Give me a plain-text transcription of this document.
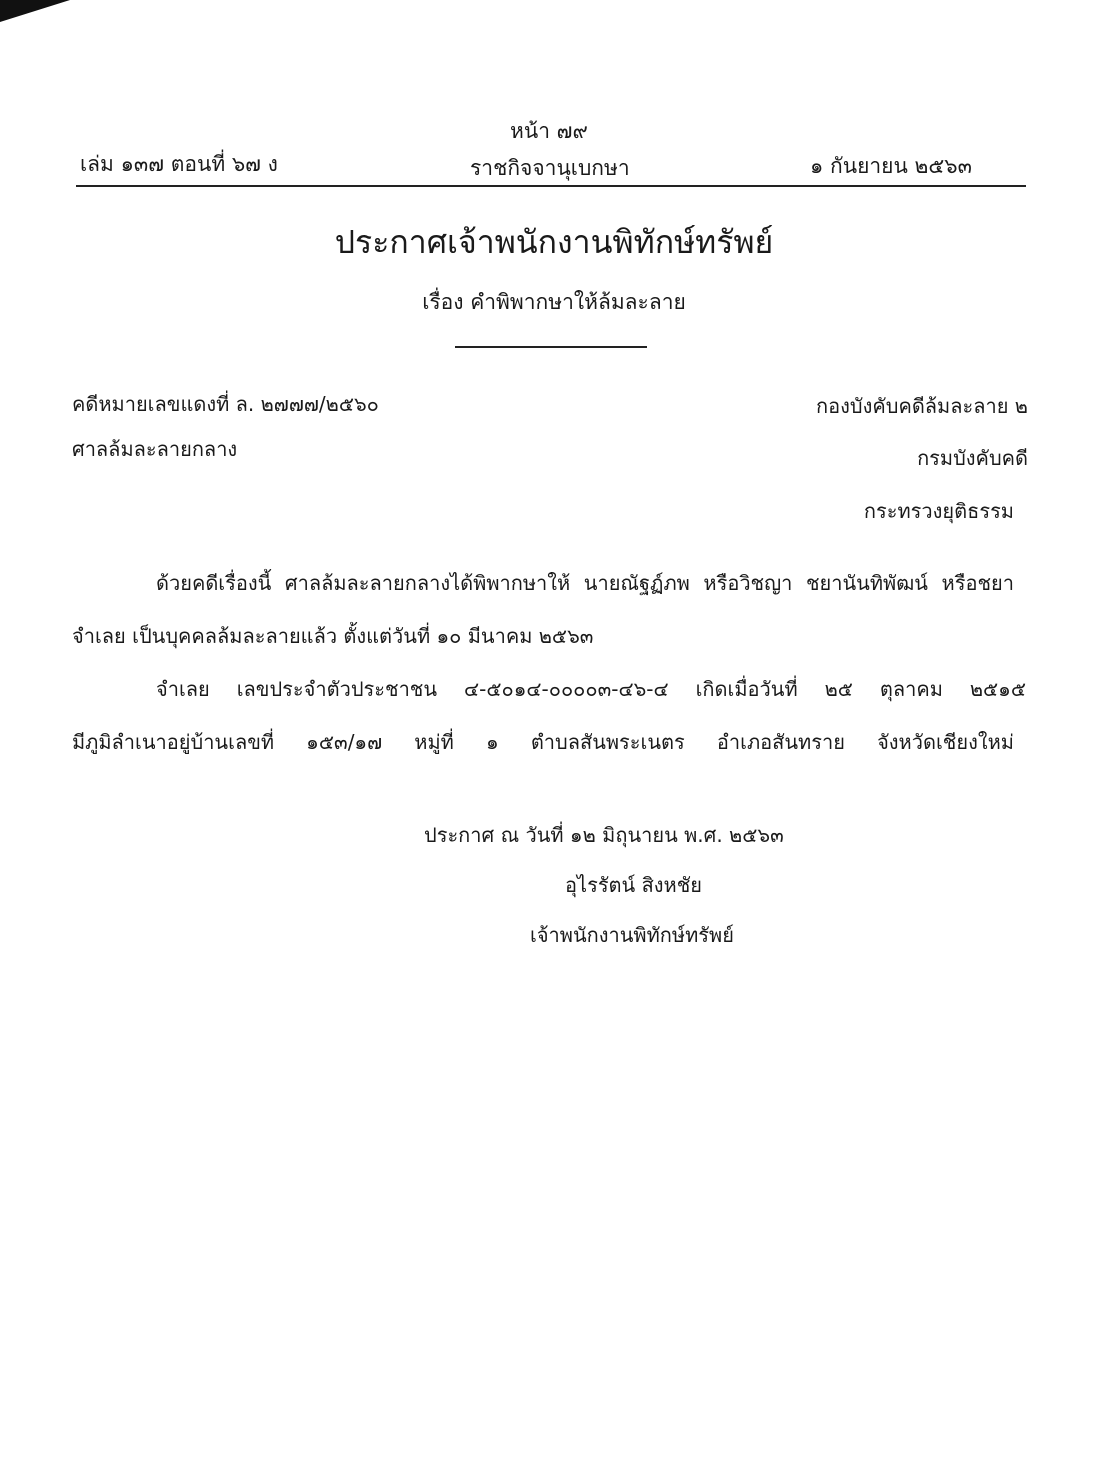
หน้า ๗๙
เล่ม ๑๓๗ ตอนที่ ๖๗ ง	ราชกิจจานุเบกษา	๑ กันยายน ๒๕๖๓
ประกาศเจ้าพนักงานพิทักษ์ทรัพย์
เรื่อง คำพิพากษาให้ล้มละลาย
คดีหมายเลขแดงที่ ล. ๒๗๗๗/๒๕๖๐	กองบังคับคดีล้มละลาย ๒
ศาลล้มละลายกลาง	กรมบังคับคดี
กระทรวงยุติธรรม
ด้วยคดีเรื่องนี้ ศาลล้มละลายกลางได้พิพากษาให้ นายณัฐฏ์ภพ หรือวิชญา ชยานันทิพัฒน์ หรือชยา
จำเลย เป็นบุคคลล้มละลายแล้ว ตั้งแต่วันที่ ๑๐ มีนาคม ๒๕๖๓
จำเลย เลขประจำตัวประชาชน ๔-๕๐๑๔-๐๐๐๐๓-๔๖-๔ เกิดเมื่อวันที่ ๒๕ ตุลาคม ๒๕๑๕
มีภูมิลำเนาอยู่บ้านเลขที่ ๑๕๓/๑๗ หมู่ที่ ๑ ตำบลสันพระเนตร อำเภอสันทราย จังหวัดเชียงใหม่
ประกาศ ณ วันที่ ๑๒ มิถุนายน พ.ศ. ๒๕๖๓
อุไรรัตน์ สิงหชัย
เจ้าพนักงานพิทักษ์ทรัพย์
